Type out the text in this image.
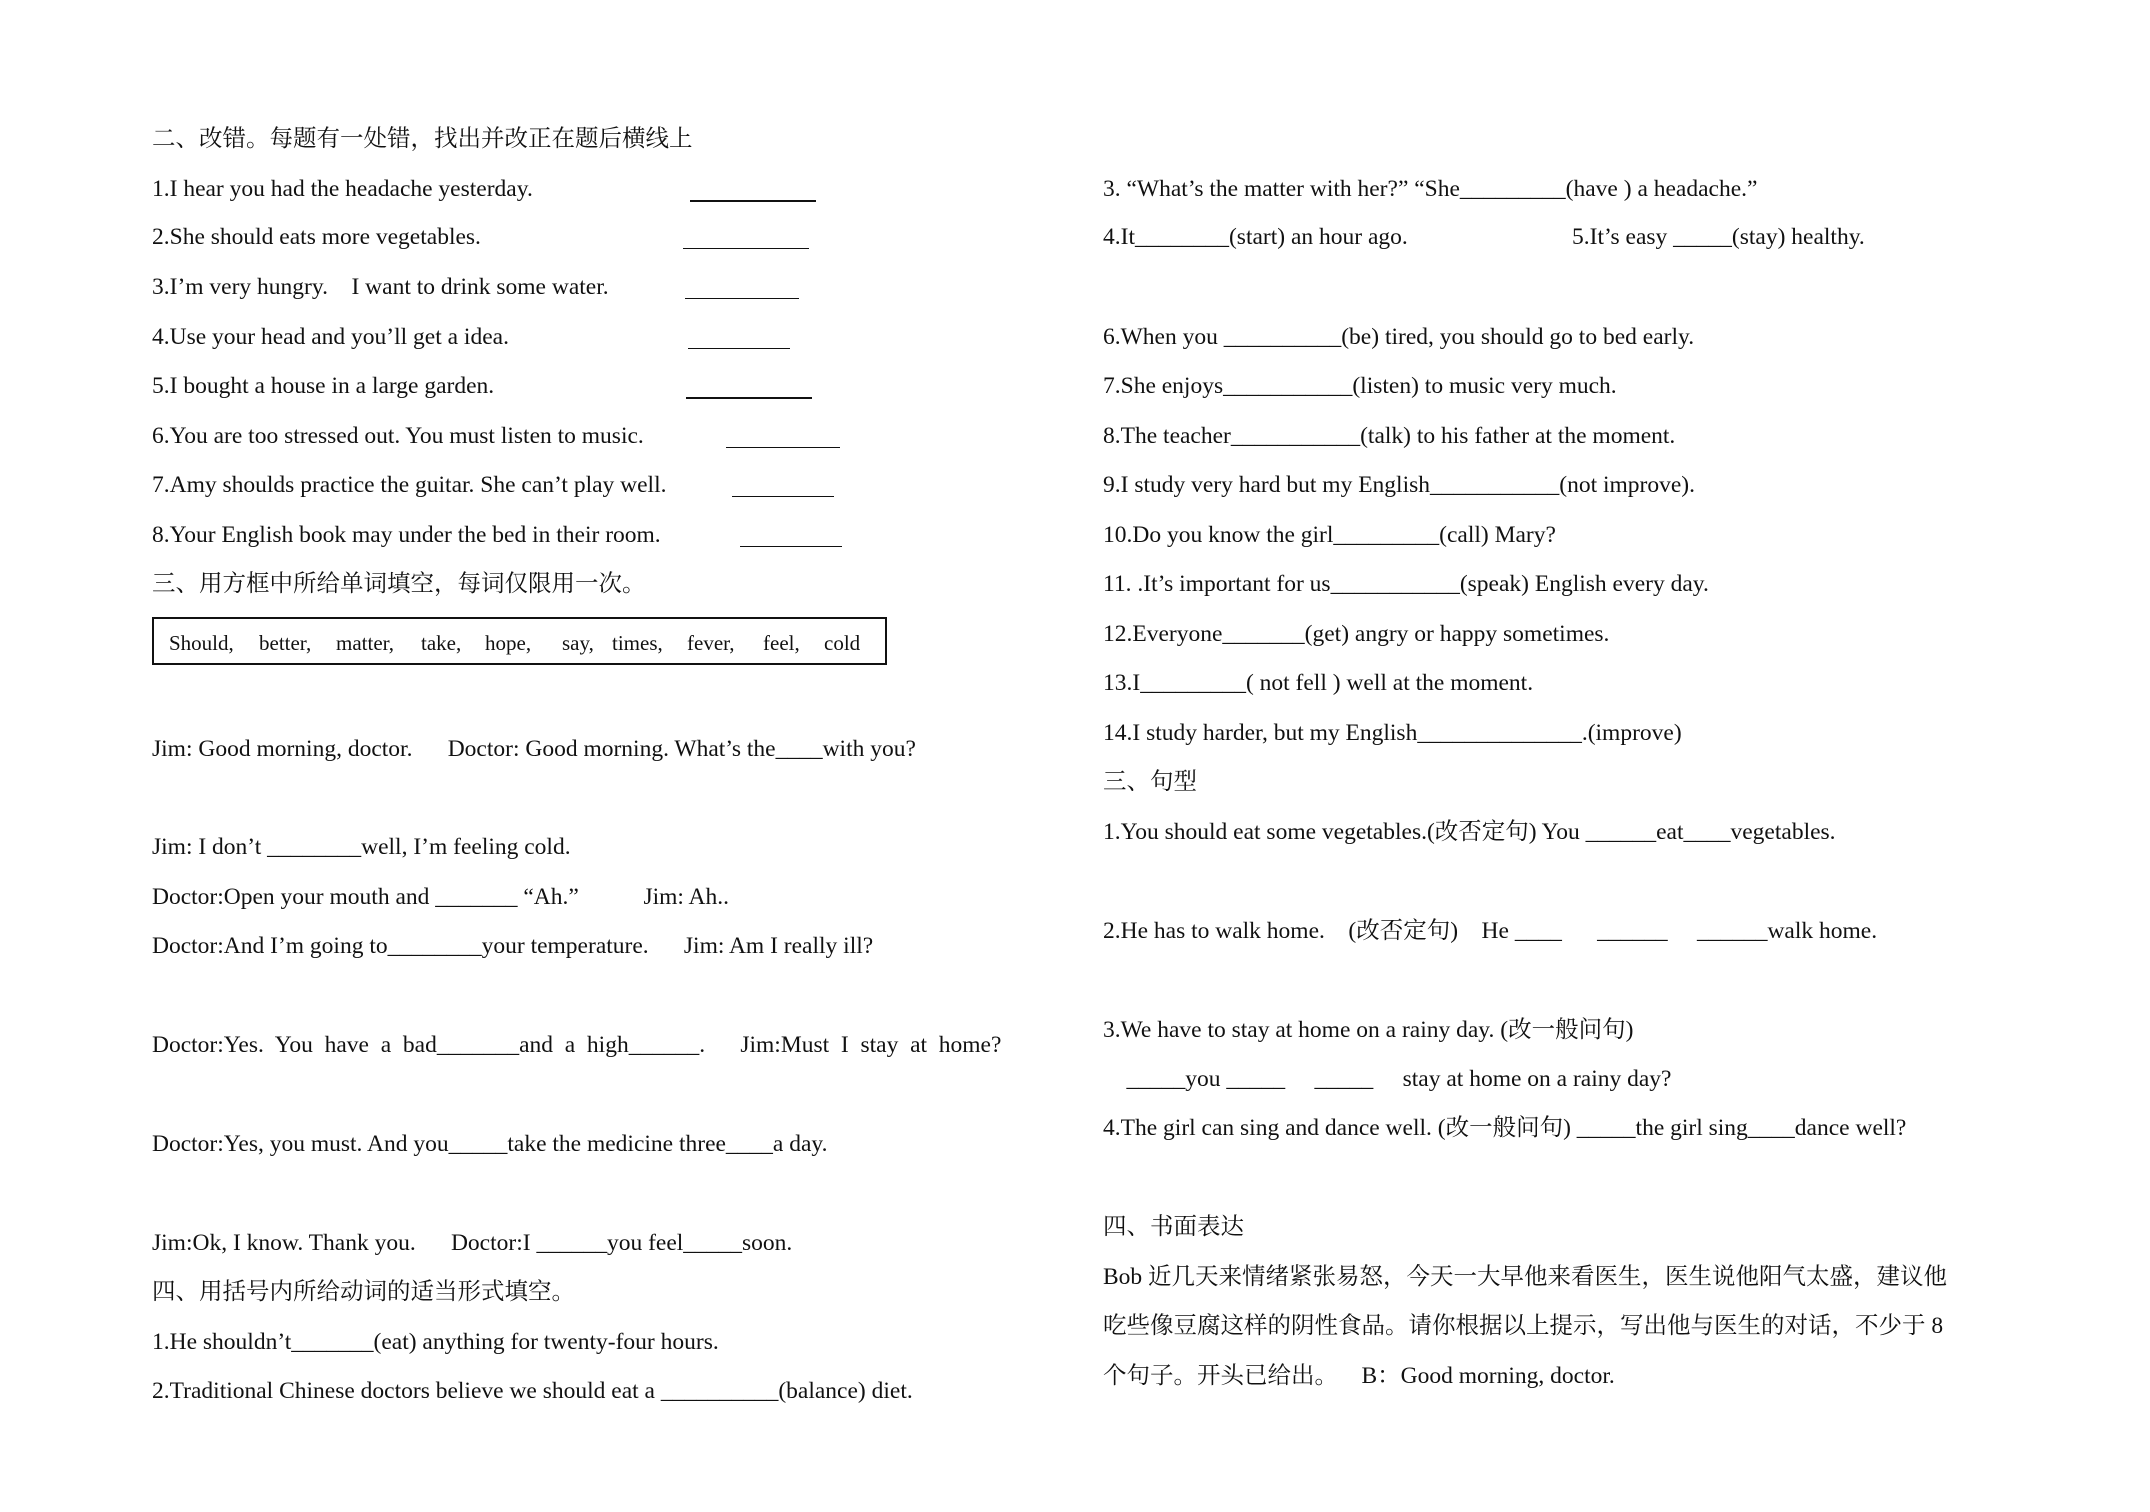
二、改错。每题有一处错，找出并改正在题后横线上
1.I hear you had the headache yesterday.
2.She should eats more vegetables.
3.I’m very hungry.    I want to drink some water.
4.Use your head and you’ll get a idea.
5.I bought a house in a large garden.
6.You are too stressed out. You must listen to music.
7.Amy shoulds practice the guitar. She can’t play well.
8.Your English book may under the bed in their room.
三、用方框中所给单词填空，每词仅限用一次。
Jim: Good morning, doctor.      Doctor: Good morning. What’s the____with you?
Jim: I don’t ________well, I’m feeling cold.
Doctor:Open your mouth and _______ “Ah.”           Jim: Ah..
Doctor:And I’m going to________your temperature.      Jim: Am I really ill?
Doctor:Yes.  You  have  a  bad_______and  a  high______.      Jim:Must  I  stay  at  home?
Doctor:Yes, you must. And you_____take the medicine three____a day.
Jim:Ok, I know. Thank you.      Doctor:I ______you feel_____soon.
四、用括号内所给动词的适当形式填空。
1.He shouldn’t_______(eat) anything for twenty-four hours.
2.Traditional Chinese doctors believe we should eat a __________(balance) diet.
Should, better, matter, take, hope, say, times, fever, feel, cold
3. “What’s the matter with her?” “She_________(have ) a headache.”
4.It________(start) an hour ago.	5.It’s easy _____(stay) healthy.
6.When you __________(be) tired, you should go to bed early.
7.She enjoys___________(listen) to music very much.
8.The teacher___________(talk) to his father at the moment.
9.I study very hard but my English___________(not improve).
10.Do you know the girl_________(call) Mary?
11. .It’s important for us___________(speak) English every day.
12.Everyone_______(get) angry or happy sometimes.
13.I_________( not fell ) well at the moment.
14.I study harder, but my English______________.(improve)
三、句型
1.You should eat some vegetables.(改否定句) You ______eat____vegetables.
2.He has to walk home.    (改否定句)    He ____      ______     ______walk home.
3.We have to stay at home on a rainy day. (改一般问句)
_____you _____     _____     stay at home on a rainy day?
4.The girl can sing and dance well. (改一般问句) _____the girl sing____dance well?
四、书面表达
Bob 近几天来情绪紧张易怒，今天一大早他来看医生，医生说他阳气太盛，建议他
吃些像豆腐这样的阴性食品。请你根据以上提示，写出他与医生的对话，不少于 8
个句子。开头已给出。    B：Good morning, doctor.
